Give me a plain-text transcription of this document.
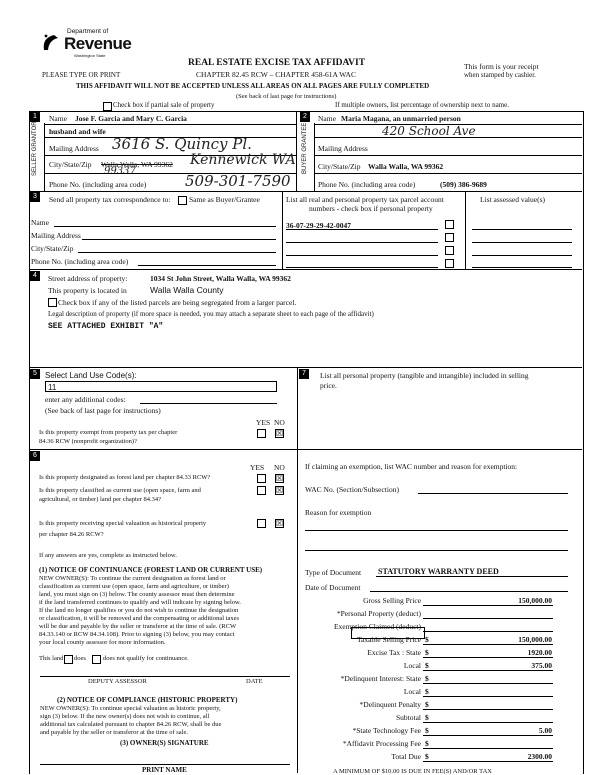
Department of
Revenue
Washington State
REAL ESTATE EXCISE TAX AFFIDAVIT
PLEASE TYPE OR PRINT	CHAPTER 82.45 RCW – CHAPTER 458-61A WAC
This form is your receipt
when stamped by cashier.
THIS AFFIDAVIT WILL NOT BE ACCEPTED UNLESS ALL AREAS ON ALL PAGES ARE FULLY COMPLETED
(See back of last page for instructions)
Check box if partial sale of property	If multiple owners, list percentage of ownership next to name.
1	2
SELLER GRANTOR	BUYER GRANTEE
Name Jose F. Garcia and Mary C. Garcia
husband and wife
Mailing Address 3616 S. Quincy Pl.
City/State/Zip Walla Walla, WA 99362 Kennewick WA
99337
Phone No. (including area code)	509-301-7590
Name Maria Magana, an unmarried person
420 School Ave
Mailing Address
City/State/Zip Walla Walla, WA 99362
Phone No. (including area code)	(509) 386-9689
3	Send all property tax correspondence to: Same as Buyer/Grantee	List all real and personal property tax parcel account
numbers - check box if personal property
List assessed value(s)
Name
Mailing Address
City/State/Zip
Phone No. (including area code)
36-07-29-29-42-0047
4	Street address of property:	1034 St John Street, Walla Walla, WA 99362
This property is located in	Walla Walla County
Check box if any of the listed parcels are being segregated from a larger parcel.
Legal description of property (if more space is needed, you may attach a separate sheet to each page of the affidavit)
SEE ATTACHED EXHIBIT "A"
5	Select Land Use Code(s):
11
enter any additional codes:
(See back of last page for instructions)
YES NO
Is this property exempt from property tax per chapter
84.36 RCW (nonprofit organization)?
☒
6
YES NO
Is this property designated as forest land per chapter 84.33 RCW?	☒
Is this property classified as current use (open space, farm and
agricultural, or timber) land per chapter 84.34?
☒
Is this property receiving special valuation as historical property
per chapter 84.26 RCW?
☒
If any answers are yes, complete as instructed below.
(1) NOTICE OF CONTINUANCE (FOREST LAND OR CURRENT USE)
NEW OWNER(S): To continue the current designation as forest land or
classification as current use (open space, farm and agriculture, or timber)
land, you must sign on (3) below. The county assessor must then determine
if the land transferred continues to qualify and will indicate by signing below.
If the land no longer qualifies or you do not wish to continue the designation
or classification, it will be removed and the compensating or additional taxes
will be due and payable by the seller or transferor at the time of sale. (RCW
84.33.140 or RCW 84.34.108). Prior to signing (3) below, you may contact
your local county assessor for more information.
This land does	does not qualify for continuance.
DEPUTY ASSESSOR	DATE
(2) NOTICE OF COMPLIANCE (HISTORIC PROPERTY)
NEW OWNER(S): To continue special valuation as historic property,
sign (3) below. If the new owner(s) does not wish to continue, all
additional tax calculated pursuant to chapter 84.26 RCW, shall be due
and payable by the seller or transferor at the time of sale.
(3) OWNER(S) SIGNATURE
PRINT NAME
7	List all personal property (tangible and intangible) included in selling
price.
If claiming an exemption, list WAC number and reason for exemption:
WAC No. (Section/Subsection)
Reason for exemption
Type of Document STATUTORY WARRANTY DEED
Date of Document
Gross Selling Price	150,000.00
*Personal Property (deduct)
Exemption Claimed (deduct)
Taxable Selling Price $	150,000.00
Excise Tax : State $	1920.00
Local $	375.00
*Delinquent Interest: State $
Local $
*Delinquent Penalty $
Subtotal $
*State Technology Fee $	5.00
*Affidavit Processing Fee $
Total Due $	2300.00
A MINIMUM OF $10.00 IS DUE IN FEE(S) AND/OR TAX
